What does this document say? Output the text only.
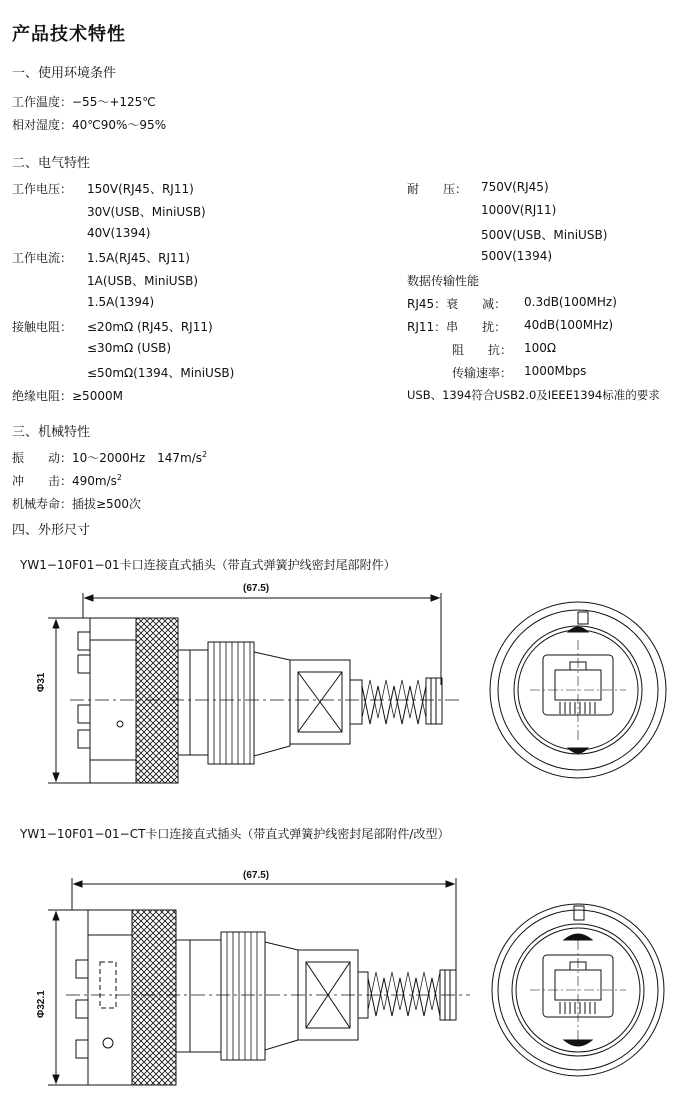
产品技术特性
一、使用环境条件
工作温度：−55～+125℃
相对湿度：40℃90%～95%
二、电气特性
工作电压： 150V(RJ45、RJ11)
30V(USB、MiniUSB)
40V(1394)
工作电流： 1.5A(RJ45、RJ11)
1A(USB、MiniUSB)
1.5A(1394)
接触电阻： ≤20mΩ (RJ45、RJ11)
≤30mΩ (USB)
≤50mΩ(1394、MiniUSB)
绝缘电阻：≥5000M
耐　　压： 750V(RJ45)
1000V(RJ11)
500V(USB、MiniUSB)
500V(1394)
数据传输性能
RJ45：衰　　减： 0.3dB(100MHz)
RJ11：串　　扰： 40dB(100MHz)
阻　　抗： 100Ω
传输速率： 1000Mbps
USB、1394符合USB2.0及IEEE1394标准的要求
三、机械特性
振　　动：10～2000Hz　$147m/s^2$
冲　　击：$490m/s^2$
机械寿命：插拔≥500次
四、外形尺寸
YW1−10F01−01卡口连接直式插头（带直式弹簧护线密封尾部附件）
YW1−10F01−01−CT卡口连接直式插头（带直式弹簧护线密封尾部附件/改型）
(67.5)
Φ31
(67.5)
Φ32.1
